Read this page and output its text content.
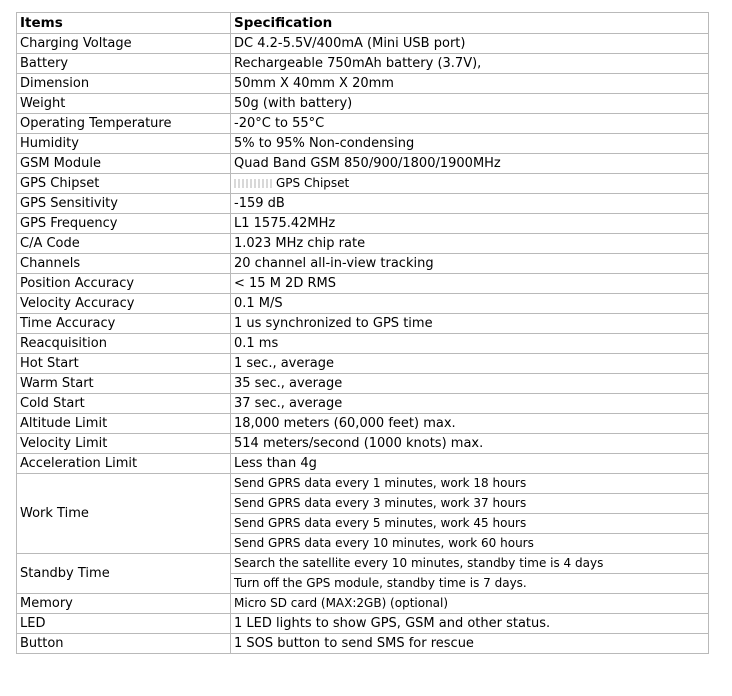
Items	Specification
Charging Voltage	DC 4.2-5.5V/400mA (Mini USB port)
Battery	Rechargeable 750mAh battery (3.7V),
Dimension	50mm X 40mm X 20mm
Weight	50g (with battery)
Operating Temperature	-20°C to 55°C
Humidity	5% to 95% Non-condensing
GSM Module	Quad Band GSM 850/900/1800/1900MHz
GPS Chipset	GPS Chipset
GPS Sensitivity	-159 dB
GPS Frequency	L1 1575.42MHz
C/A Code	1.023 MHz chip rate
Channels	20 channel all-in-view tracking
Position Accuracy	< 15 M 2D RMS
Velocity Accuracy	0.1 M/S
Time Accuracy	1 us synchronized to GPS time
Reacquisition	0.1 ms
Hot Start	1 sec., average
Warm Start	35 sec., average
Cold Start	37 sec., average
Altitude Limit	18,000 meters (60,000 feet) max.
Velocity Limit	514 meters/second (1000 knots) max.
Acceleration Limit	Less than 4g
Work Time	Send GPRS data every 1 minutes, work 18 hours
	Send GPRS data every 3 minutes, work 37 hours
	Send GPRS data every 5 minutes, work 45 hours
	Send GPRS data every 10 minutes, work 60 hours
Standby Time	Search the satellite every 10 minutes, standby time is 4 days
	Turn off the GPS module, standby time is 7 days.
Memory	Micro SD card (MAX:2GB) (optional)
LED	1 LED lights to show GPS, GSM and other status.
Button	1 SOS button to send SMS for rescue
